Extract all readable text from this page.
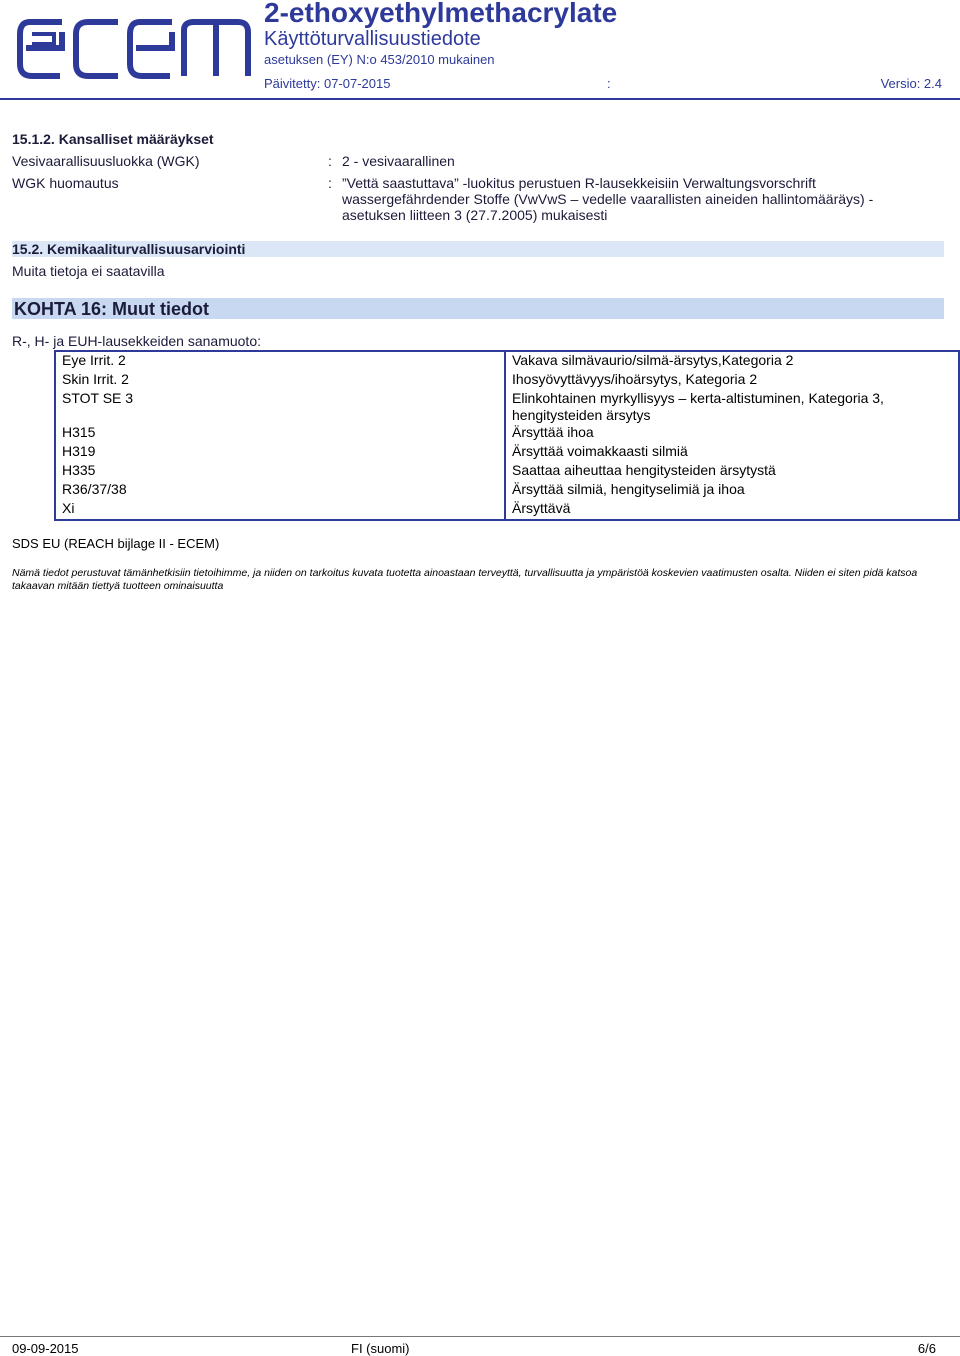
2-ethoxyethylmethacrylate
Käyttöturvallisuustiedote
asetuksen (EY) N:o 453/2010 mukainen
Päivitetty: 07-07-2015	:	Versio: 2.4
15.1.2. Kansalliset määräykset
Vesivaarallisuusluokka (WGK)	: 2 - vesivaarallinen
WGK huomautus	: ”Vettä saastuttava” -luokitus perustuen R-lausekkeisiin Verwaltungsvorschrift
wassergefährdender Stoffe (VwVwS – vedelle vaarallisten aineiden hallintomääräys) -
asetuksen liitteen 3 (27.7.2005) mukaisesti
15.2. Kemikaaliturvallisuusarviointi
Muita tietoja ei saatavilla
KOHTA 16: Muut tiedot
R-, H- ja EUH-lausekkeiden sanamuoto:
Eye Irrit. 2	Vakava silmävaurio/silmä-ärsytys,Kategoria 2
Skin Irrit. 2	Ihosyövyttävyys/ihoärsytys, Kategoria 2
STOT SE 3	Elinkohtainen myrkyllisyys – kerta-altistuminen, Kategoria 3,
hengitysteiden ärsytys

H315	Ärsyttää ihoa
H319	Ärsyttää voimakkaasti silmiä
H335	Saattaa aiheuttaa hengitysteiden ärsytystä
R36/37/38	Ärsyttää silmiä, hengityselimiä ja ihoa
Xi	Ärsyttävä
SDS EU (REACH bijlage II - ECEM)
Nämä tiedot perustuvat tämänhetkisiin tietoihimme, ja niiden on tarkoitus kuvata tuotetta ainoastaan terveyttä, turvallisuutta ja ympäristöä koskevien vaatimusten osalta. Niiden ei siten pidä katsoa takaavan mitään tiettyä tuotteen ominaisuutta
09-09-2015	FI (suomi)	6/6
